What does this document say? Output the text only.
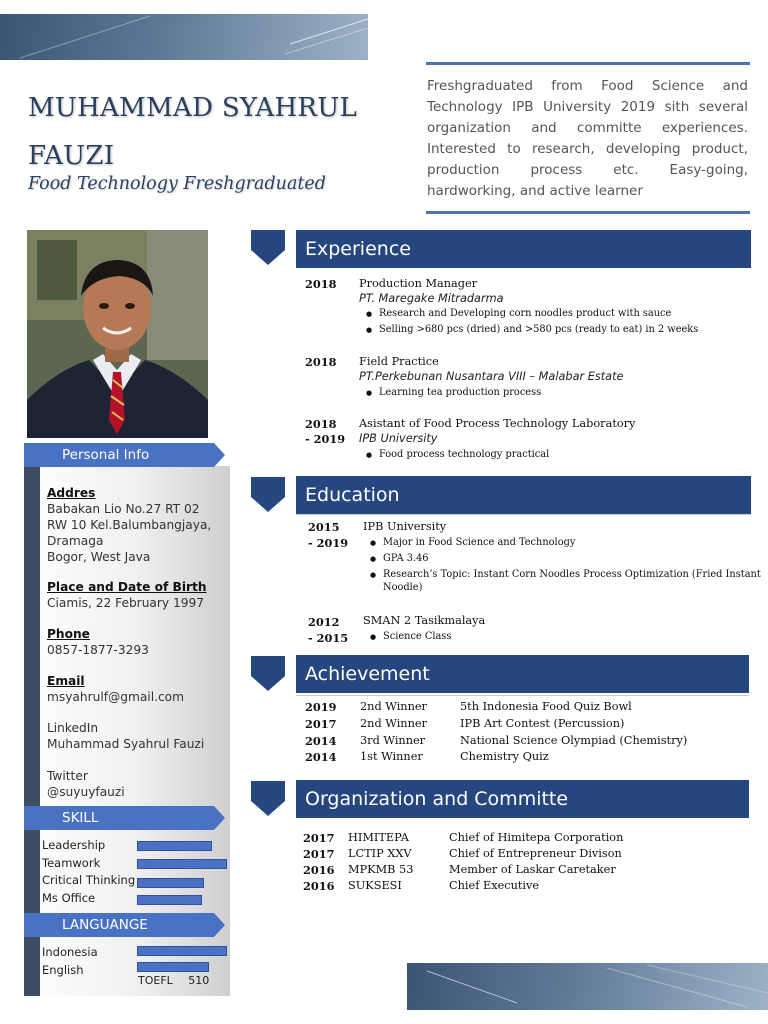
MUHAMMAD SYAHRUL
FAUZI
Food Technology Freshgraduated
Freshgraduated from Food Science and
Technology IPB University 2019 sith several
organization and committe experiences.
Interested to research, developing product,
production process etc. Easy-going,
hardworking, and active learner
Personal Info
Addres
Babakan Lio No.27 RT 02
RW 10 Kel.Balumbangjaya,
Dramaga
Bogor, West Java
Place and Date of Birth
Ciamis, 22 February 1997
Phone
0857-1877-3293
Email
msyahrulf@gmail.com
LinkedIn
Muhammad Syahrul Fauzi
Twitter
@suyuyfauzi
SKILL
Leadership
Teamwork
Critical Thinking
Ms Office
LANGUANGE
Indonesia
English
TOEFL 510
Experience
2018 Production Manager
PT. Maregake Mitradarma
● Research and Developing corn noodles product with sauce
● Selling >680 pcs (dried) and >580 pcs (ready to eat) in 2 weeks
2018 Field Practice
PT.Perkebunan Nusantara VIII – Malabar Estate
● Learning tea production process
2018
- 2019
Asistant of Food Process Technology Laboratory
IPB University
● Food process technology practical
Education
2015
- 2019
IPB University
● Major in Food Science and Technology
● GPA 3.46
● Research’s Topic: Instant Corn Noodles Process Optimization (Fried Instant
Noodle)
2012
- 2015
SMAN 2 Tasikmalaya
● Science Class
Achievement
2019 2nd Winner	5th Indonesia Food Quiz Bowl
2017 2nd Winner	IPB Art Contest (Percussion)
2014 3rd Winner	National Science Olympiad (Chemistry)
2014 1st Winner	Chemistry Quiz
Organization and Committe
2017 HIMITEPA	Chief of Himitepa Corporation
2017 LCTIP XXV	Chief of Entrepreneur Divison
2016 MPKMB 53	Member of Laskar Caretaker
2016 SUKSESI	Chief Executive
